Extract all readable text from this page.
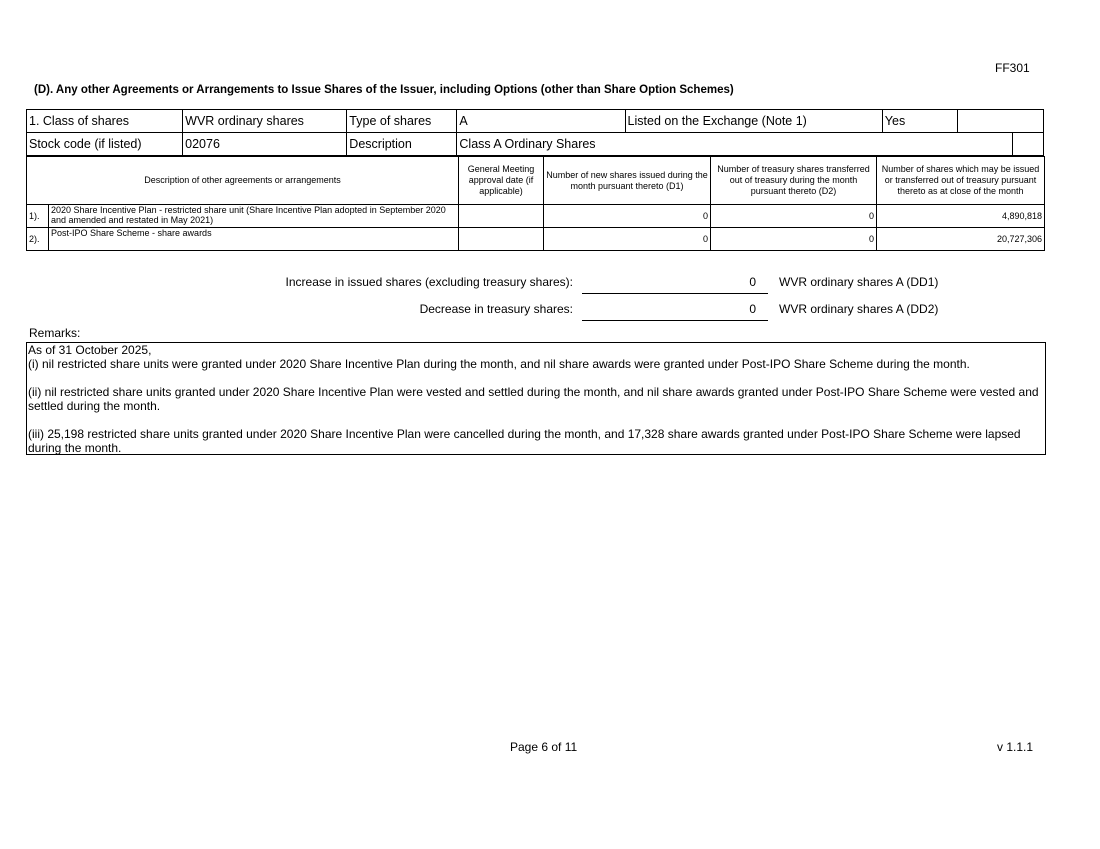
FF301
(D). Any other Agreements or Arrangements to Issue Shares of the Issuer, including Options (other than Share Option Schemes)
1. Class of shares	WVR ordinary shares	Type of shares	A	Listed on the Exchange (Note 1)	Yes		
Stock code (if listed)	02076	Description	Class A Ordinary Shares				
Description of other agreements or arrangements		General Meeting approval date (if applicable)	Number of new shares issued during the month pursuant thereto (D1)	Number of treasury shares transferred out of treasury during the month pursuant thereto (D2)	Number of shares which may be issued or transferred out of treasury pursuant thereto as at close of the month
1).	2020 Share Incentive Plan - restricted share unit (Share Incentive Plan adopted in September 2020 and amended and restated in May 2021)		0	0	4,890,818
2).	Post-IPO Share Scheme - share awards		0	0	20,727,306
Increase in issued shares (excluding treasury shares):	0 WVR ordinary shares A (DD1)
Decrease in treasury shares:	0 WVR ordinary shares A (DD2)
Remarks:

As of 31 October 2025,

(i) nil restricted share units were granted under 2020 Share Incentive Plan during the month, and nil share awards were granted under Post-IPO Share Scheme during the month.

(ii) nil restricted share units granted under 2020 Share Incentive Plan were vested and settled during the month, and nil share awards granted under Post-IPO Share Scheme were vested and settled during the month.

(iii) 25,198 restricted share units granted under 2020 Share Incentive Plan were cancelled during the month, and 17,328 share awards granted under Post-IPO Share Scheme were lapsed during the month.

Page 6 of 11	v 1.1.1
